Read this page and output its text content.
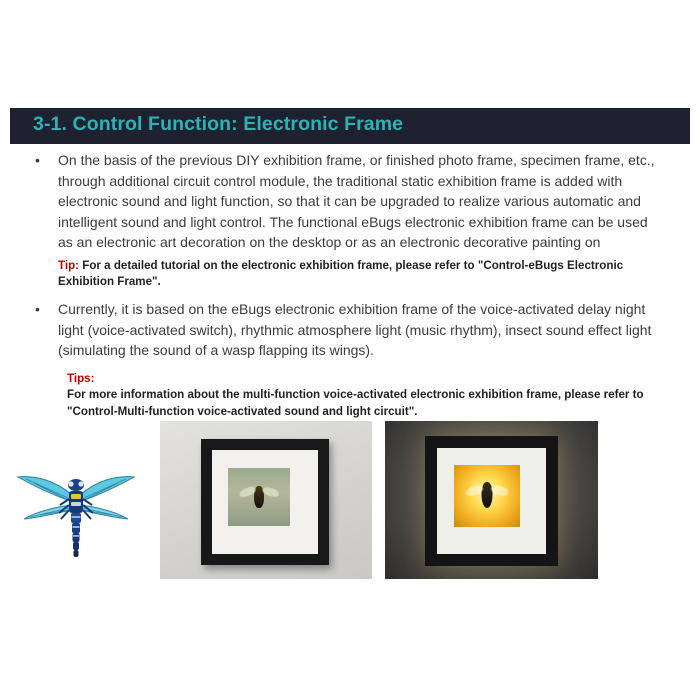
3-1. Control Function: Electronic Frame
•	On the basis of the previous DIY exhibition frame, or finished photo frame, specimen frame, etc., through additional circuit control module, the traditional static exhibition frame is added with electronic sound and light function, so that it can be upgraded to realize various automatic and intelligent sound and light control. The functional eBugs electronic exhibition frame can be used as an electronic art decoration on the desktop or as an electronic decorative painting on
Tip: For a detailed tutorial on the electronic exhibition frame, please refer to "Control-eBugs Electronic Exhibition Frame".
•	Currently, it is based on the eBugs electronic exhibition frame of the voice-activated delay night light (voice-activated switch), rhythmic atmosphere light (music rhythm), insect sound effect light (simulating the sound of a wasp flapping its wings).
Tips:
For more information about the multi-function voice-activated electronic exhibition frame, please refer to "Control-Multi-function voice-activated sound and light circuit".
